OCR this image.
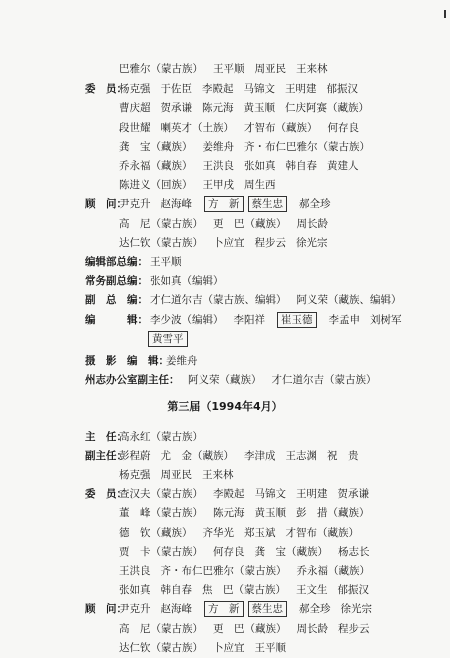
巴雅尔（蒙古族） 王平顺 周亚民 王来林
委　员：
杨克强 于佐臣 李殿起 马锦文 王明建 郁振汉
曹庆超 贺承谦 陈元海 黄玉顺 仁庆阿赛（藏族）
段世耀 喇英才（土族） 才智布（藏族） 何存良
龚　宝（藏族） 姜维舟 齐・布仁巴雅尔（蒙古族）
乔永福（藏族） 王洪良 张如真 韩自春 黄建人
陈进义（回族） 王甲戌 周生西
顾　问：
尹克升 赵海峰 方　新 蔡生忠 郝全珍
高　尼（蒙古族） 更　巴（藏族） 周长龄
达仁钦（蒙古族） 卜应宜 程步云 徐光宗
编辑部总编： 王平顺
常务副总编： 张如真（编辑）
副　总　编： 才仁道尔吉（蒙古族、编辑） 阿义荣（藏族、编辑）
编　　　辑： 李少波（编辑） 李阳祥 崔玉德 李孟申 刘树军
黄雪平
摄　影　编　辑：
姜维舟
州志办公室副主任： 阿义荣（藏族） 才仁道尔吉（蒙古族）
第三届（1994年4月）
主　任：
高永红（蒙古族）
副主任：
彭程蔚 尤　金（藏族） 李津成 王志渊 祝　贵
杨克强 周亚民 王来林
委　员：
查汉夫（蒙古族） 李殿起 马锦文 王明建 贺承谦
董　峰（蒙古族） 陈元海 黄玉顺 彭　措（藏族）
德　钦（藏族） 齐华光 郑玉斌 才智布（藏族）
贾　卡（蒙古族） 何存良 龚　宝（藏族） 杨志长
王洪良 齐・布仁巴雅尔（蒙古族） 乔永福（藏族）
张如真 韩自春 焦　巴（蒙古族） 王文生 郁振汉
顾　问：
尹克升 赵海峰 方　新 蔡生忠 郝全珍 徐光宗
高　尼（蒙古族） 更　巴（藏族） 周长龄 程步云
达仁钦（蒙古族） 卜应宜 王平顺
